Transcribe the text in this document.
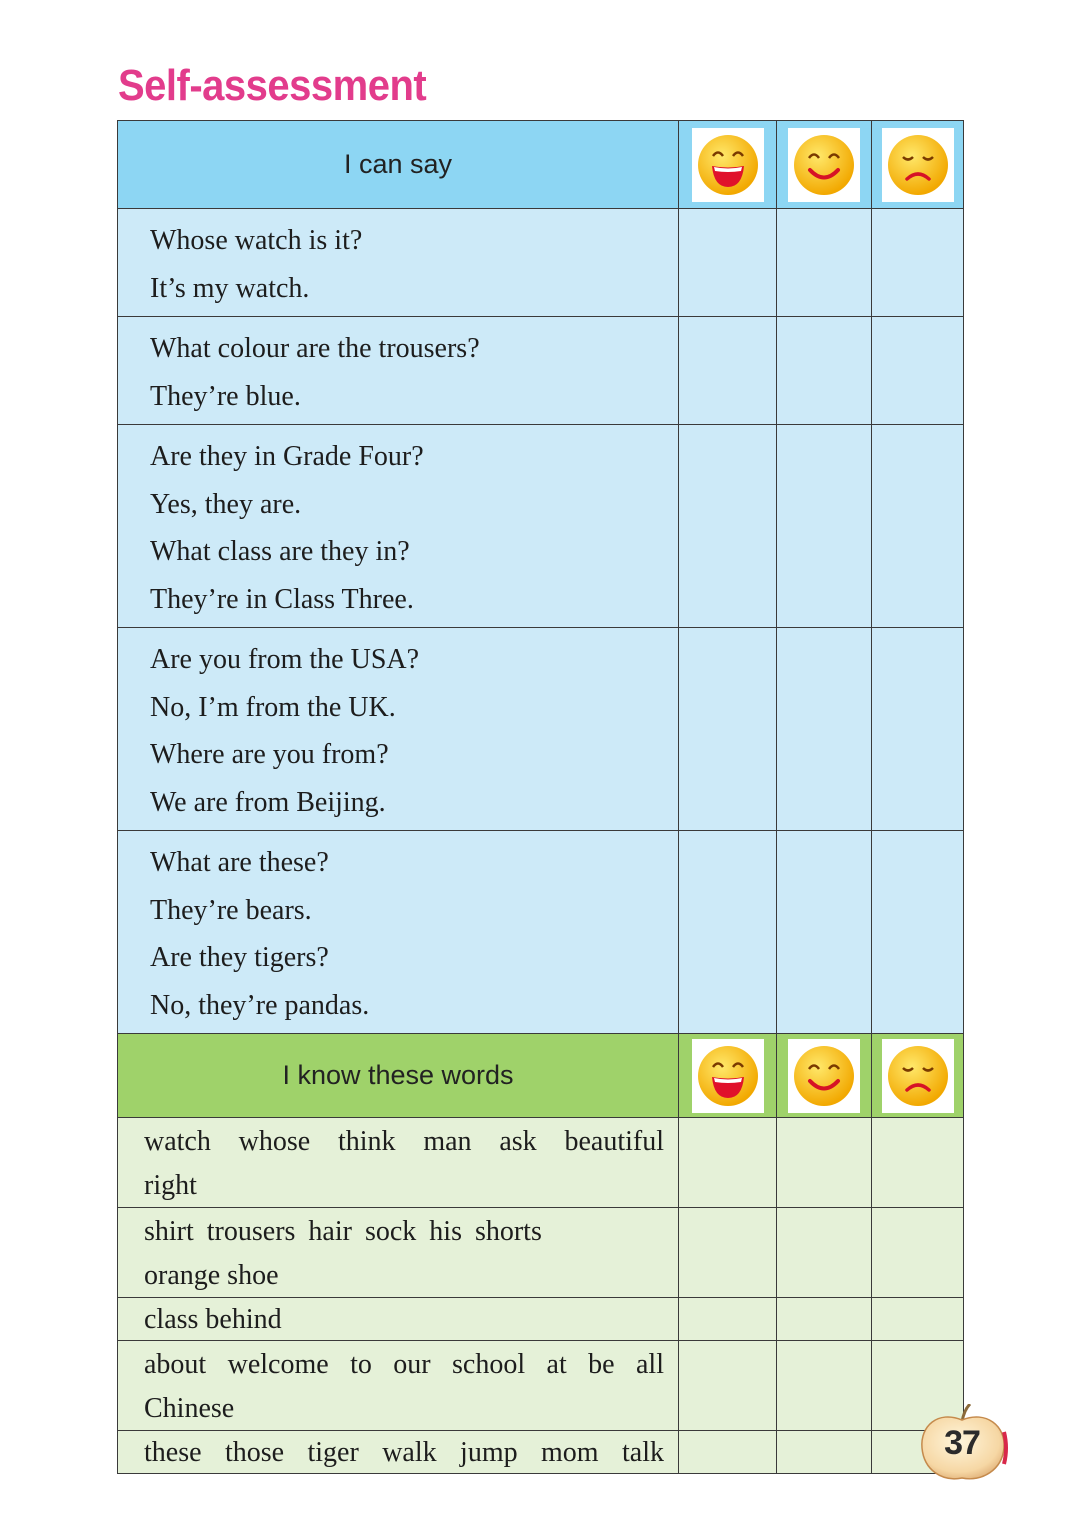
Self-assessment
I can say	

Whose watch is it?
It’s my watch.			

What colour are the trousers?
They’re blue.			

Are they in Grade Four?
Yes, they are.
What class are they in?
They’re in Class Three.			

Are you from the USA?
No, I’m from the UK.
Where are you from?
We are from Beijing.			

What are these?
They’re bears.
Are they tigers?
No, they’re pandas.			

I know these words	

watch whose think man ask beautiful
right			

shirt trousers hair sock his shorts
orange shoe			

class behind			

about welcome to our school at be all
Chinese			

these those tiger walk jump mom talk			
				37
